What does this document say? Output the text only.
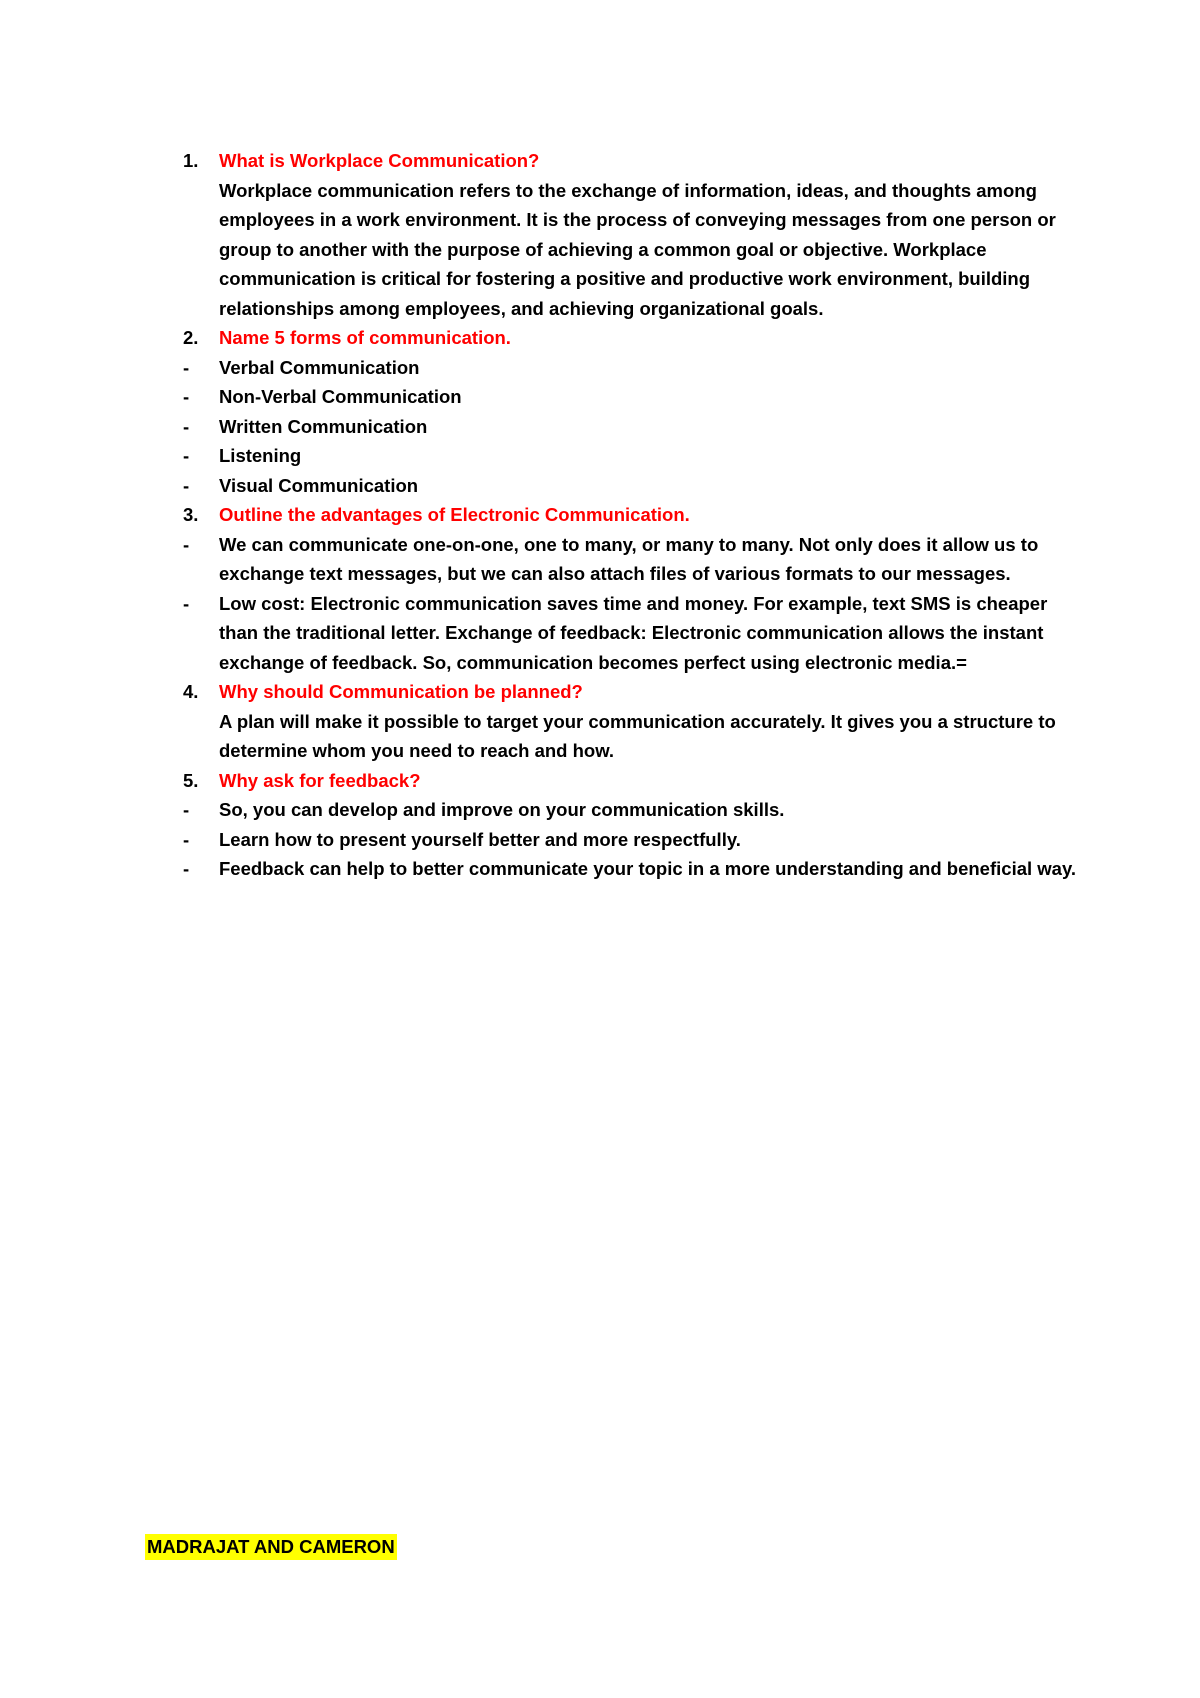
1.	What is Workplace Communication?
Workplace communication refers to the exchange of information, ideas, and thoughts among employees in a work environment. It is the process of conveying messages from one person or group to another with the purpose of achieving a common goal or objective. Workplace communication is critical for fostering a positive and productive work environment, building relationships among employees, and achieving organizational goals.
2.	Name 5 forms of communication.
- Verbal Communication
- Non-Verbal Communication
- Written Communication
- Listening
- Visual Communication
3.	Outline the advantages of Electronic Communication.
- We can communicate one-on-one, one to many, or many to many. Not only does it allow us to exchange text messages, but we can also attach files of various formats to our messages.
- Low cost: Electronic communication saves time and money. For example, text SMS is cheaper than the traditional letter. Exchange of feedback: Electronic communication allows the instant exchange of feedback. So, communication becomes perfect using electronic media.=
4.	Why should Communication be planned?
A plan will make it possible to target your communication accurately. It gives you a structure to determine whom you need to reach and how.
5.	Why ask for feedback?
- So, you can develop and improve on your communication skills.
- Learn how to present yourself better and more respectfully.
- Feedback can help to better communicate your topic in a more understanding and beneficial way.
MADRAJAT AND CAMERON
